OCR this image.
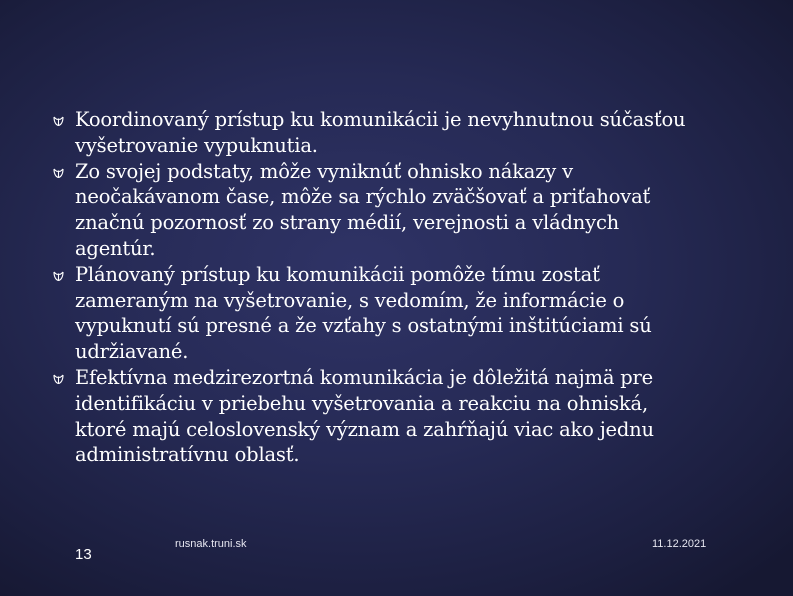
Koordinovaný prístup ku komunikácii je nevyhnutnou súčasťou vyšetrovanie vypuknutia.
Zo svojej podstaty, môže vyniknúť ohnisko nákazy v neočakávanom čase, môže sa rýchlo zväčšovať a priťahovať značnú pozornosť zo strany médií, verejnosti a vládnych agentúr.
Plánovaný prístup ku komunikácii pomôže tímu zostať zameraným na vyšetrovanie, s vedomím, že informácie o vypuknutí sú presné a že vzťahy s ostatnými inštitúciami sú udržiavané.
Efektívna medzirezortná komunikácia je dôležitá najmä pre identifikáciu v priebehu vyšetrovania a reakciu na ohniská, ktoré majú celoslovenský význam a zahŕňajú viac ako jednu administratívnu oblasť.
13
rusnak.truni.sk	11.12.2021
